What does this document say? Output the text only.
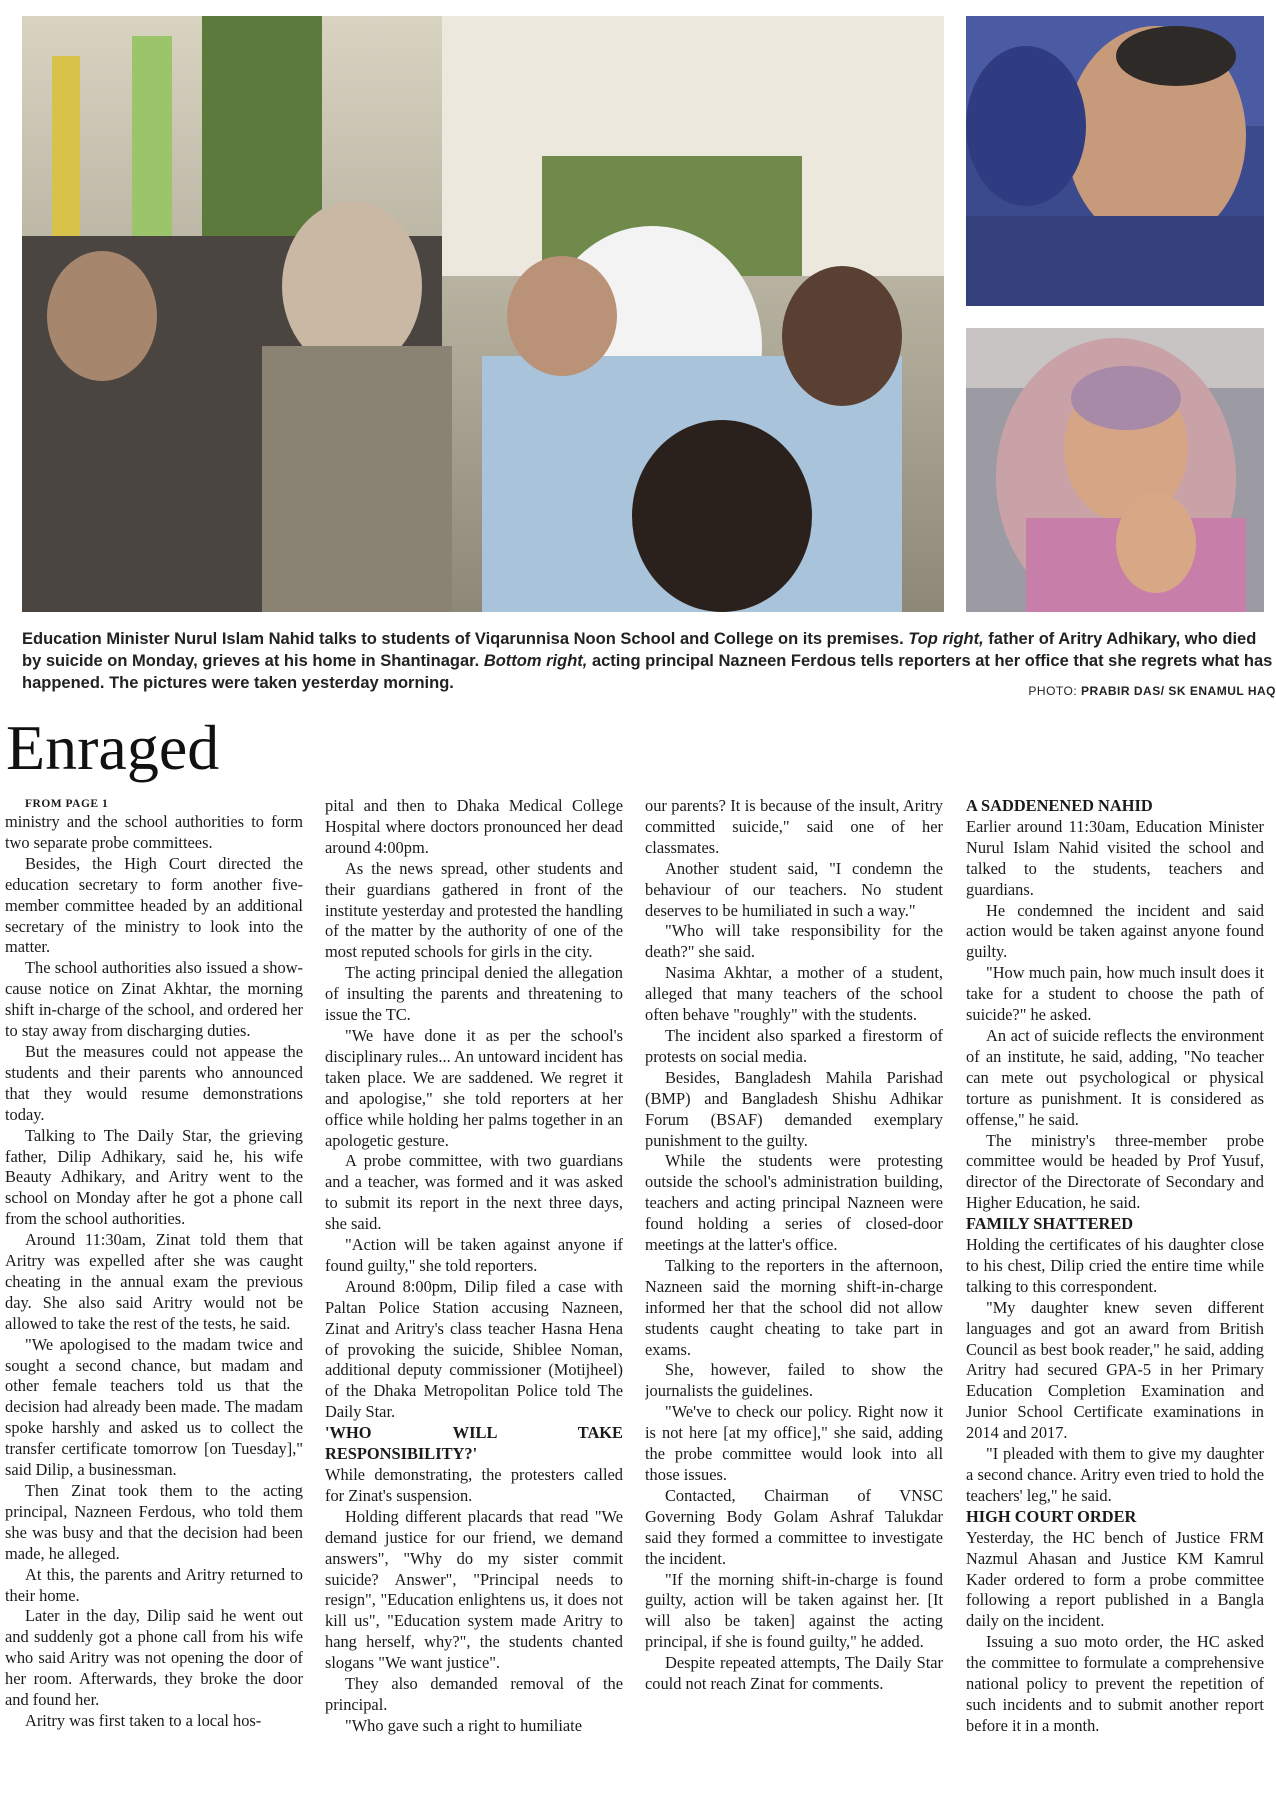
Education Minister Nurul Islam Nahid talks to students of Viqarunnisa Noon School and College on its premises. Top right, father of Aritry Adhikary, who died by suicide on Monday, grieves at his home in Shantinagar. Bottom right, acting principal Nazneen Ferdous tells reporters at her office that she regrets what has happened. The pictures were taken yesterday morning.	PHOTO: PRABIR DAS/ SK ENAMUL HAQ

Enraged

FROM PAGE 1

ministry and the school authorities to form two separate probe committees.

Besides, the High Court directed the education secretary to form another five-member committee headed by an additional secretary of the ministry to look into the matter.

The school authorities also issued a show-cause notice on Zinat Akhtar, the morning shift in-charge of the school, and ordered her to stay away from discharging duties.

But the measures could not appease the students and their parents who announced that they would resume demonstrations today.

Talking to The Daily Star, the grieving father, Dilip Adhikary, said he, his wife Beauty Adhikary, and Aritry went to the school on Monday after he got a phone call from the school authorities.

Around 11:30am, Zinat told them that Aritry was expelled after she was caught cheating in the annual exam the previous day. She also said Aritry would not be allowed to take the rest of the tests, he said.

"We apologised to the madam twice and sought a second chance, but madam and other female teachers told us that the decision had already been made. The madam spoke harshly and asked us to collect the transfer certificate tomorrow [on Tuesday]," said Dilip, a businessman.

Then Zinat took them to the acting principal, Nazneen Ferdous, who told them she was busy and that the decision had been made, he alleged.

At this, the parents and Aritry returned to their home.

Later in the day, Dilip said he went out and suddenly got a phone call from his wife who said Aritry was not opening the door of her room. Afterwards, they broke the door and found her.

Aritry was first taken to a local hos-

pital and then to Dhaka Medical College Hospital where doctors pronounced her dead around 4:00pm.

As the news spread, other students and their guardians gathered in front of the institute yesterday and protested the handling of the matter by the authority of one of the most reputed schools for girls in the city.

The acting principal denied the allegation of insulting the parents and threatening to issue the TC.

"We have done it as per the school's disciplinary rules... An untoward incident has taken place. We are saddened. We regret it and apologise," she told reporters at her office while holding her palms together in an apologetic gesture.

A probe committee, with two guardians and a teacher, was formed and it was asked to submit its report in the next three days, she said.

"Action will be taken against anyone if found guilty," she told reporters.

Around 8:00pm, Dilip filed a case with Paltan Police Station accusing Nazneen, Zinat and Aritry's class teacher Hasna Hena of provoking the suicide, Shiblee Noman, additional deputy commissioner (Motijheel) of the Dhaka Metropolitan Police told The Daily Star.

'WHO WILL TAKE RESPONSIBILITY?'

While demonstrating, the protesters called for Zinat's suspension.

Holding different placards that read "We demand justice for our friend, we demand answers", "Why do my sister commit suicide? Answer", "Principal needs to resign", "Education enlightens us, it does not kill us", "Education system made Aritry to hang herself, why?", the students chanted slogans "We want justice".

They also demanded removal of the principal.

"Who gave such a right to humiliate

our parents? It is because of the insult, Aritry committed suicide," said one of her classmates.

Another student said, "I condemn the behaviour of our teachers. No student deserves to be humiliated in such a way."

"Who will take responsibility for the death?" she said.

Nasima Akhtar, a mother of a student, alleged that many teachers of the school often behave "roughly" with the students.

The incident also sparked a firestorm of protests on social media.

Besides, Bangladesh Mahila Parishad (BMP) and Bangladesh Shishu Adhikar Forum (BSAF) demanded exemplary punishment to the guilty.

While the students were protesting outside the school's administration building, teachers and acting principal Nazneen were found holding a series of closed-door meetings at the latter's office.

Talking to the reporters in the afternoon, Nazneen said the morning shift-in-charge informed her that the school did not allow students caught cheating to take part in exams.

She, however, failed to show the journalists the guidelines.

"We've to check our policy. Right now it is not here [at my office]," she said, adding the probe committee would look into all those issues.

Contacted, Chairman of VNSC Governing Body Golam Ashraf Talukdar said they formed a committee to investigate the incident.

"If the morning shift-in-charge is found guilty, action will be taken against her. [It will also be taken] against the acting principal, if she is found guilty," he added.

Despite repeated attempts, The Daily Star could not reach Zinat for comments.

A SADDENENED NAHID

Earlier around 11:30am, Education Minister Nurul Islam Nahid visited the school and talked to the students, teachers and guardians.

He condemned the incident and said action would be taken against anyone found guilty.

"How much pain, how much insult does it take for a student to choose the path of suicide?" he asked.

An act of suicide reflects the environment of an institute, he said, adding, "No teacher can mete out psychological or physical torture as punishment. It is considered as offense," he said.

The ministry's three-member probe committee would be headed by Prof Yusuf, director of the Directorate of Secondary and Higher Education, he said.

FAMILY SHATTERED

Holding the certificates of his daughter close to his chest, Dilip cried the entire time while talking to this correspondent.

"My daughter knew seven different languages and got an award from British Council as best book reader," he said, adding Aritry had secured GPA-5 in her Primary Education Completion Examination and Junior School Certificate examinations in 2014 and 2017.

"I pleaded with them to give my daughter a second chance. Aritry even tried to hold the teachers' leg," he said.

HIGH COURT ORDER

Yesterday, the HC bench of Justice FRM Nazmul Ahasan and Justice KM Kamrul Kader ordered to form a probe committee following a report published in a Bangla daily on the incident.

Issuing a suo moto order, the HC asked the committee to formulate a comprehensive national policy to prevent the repetition of such incidents and to submit another report before it in a month.
